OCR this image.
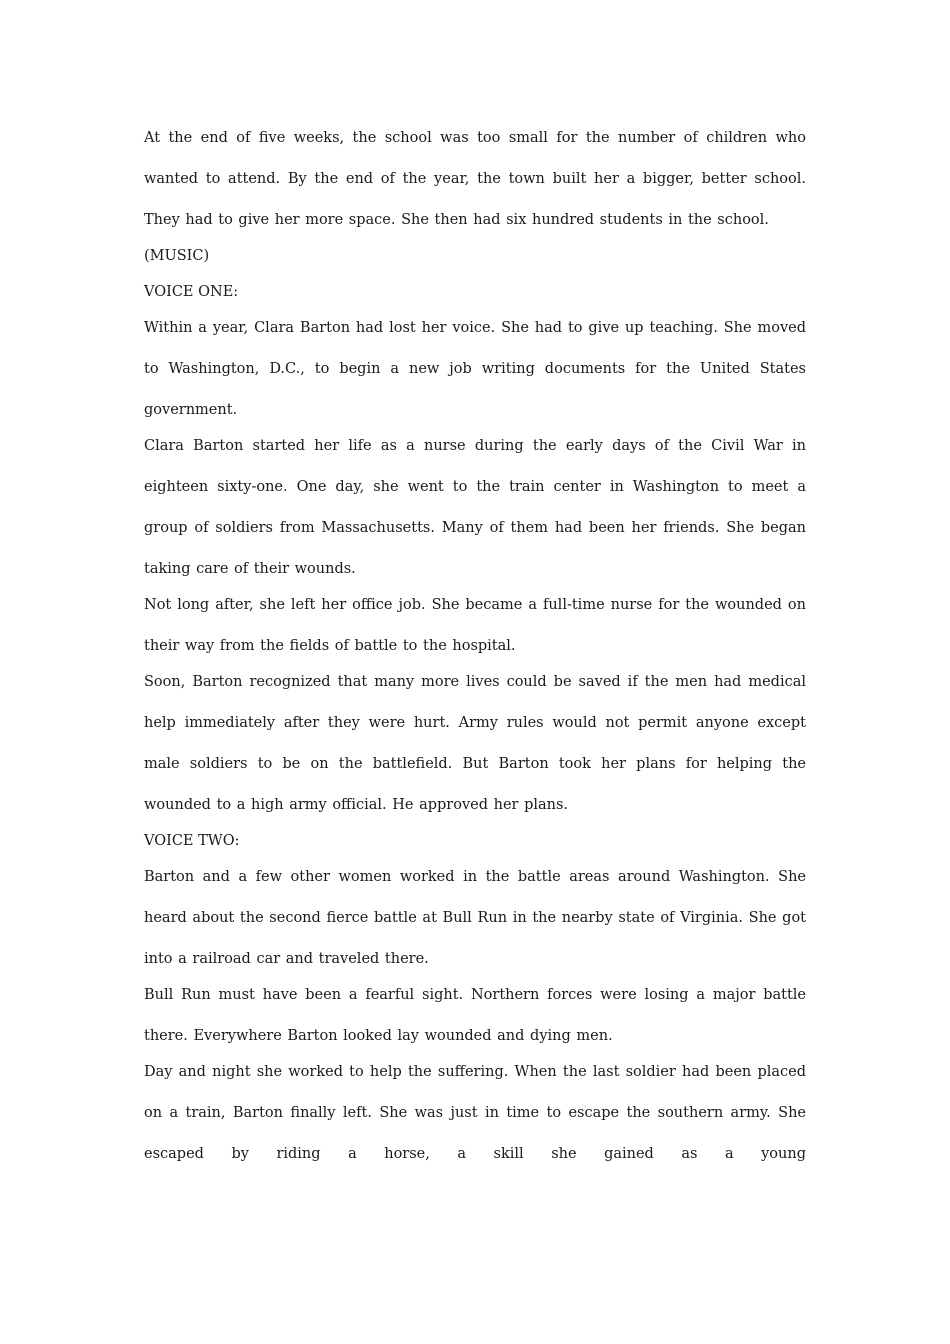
At the end of five weeks, the school was too small for the number of children who wanted to attend. By the end of the year, the town built her a bigger, better school. They had to give her more space. She then had six hundred students in the school.

(MUSIC)

VOICE ONE:

Within a year, Clara Barton had lost her voice. She had to give up teaching. She moved to Washington, D.C., to begin a new job writing documents for the United States government.

Clara Barton started her life as a nurse during the early days of the Civil War in eighteen sixty-one. One day, she went to the train center in Washington to meet a group of soldiers from Massachusetts. Many of them had been her friends. She began taking care of their wounds.

Not long after, she left her office job. She became a full-time nurse for the wounded on their way from the fields of battle to the hospital.

Soon, Barton recognized that many more lives could be saved if the men had medical help immediately after they were hurt. Army rules would not permit anyone except male soldiers to be on the battlefield. But Barton took her plans for helping the wounded to a high army official. He approved her plans.

VOICE TWO:

Barton and a few other women worked in the battle areas around Washington. She heard about the second fierce battle at Bull Run in the nearby state of Virginia. She got into a railroad car and traveled there.

Bull Run must have been a fearful sight. Northern forces were losing a major battle there. Everywhere Barton looked lay wounded and dying men.

Day and night she worked to help the suffering. When the last soldier had been placed on a train, Barton finally left. She was just in time to escape the southern army. She escaped by riding a horse, a skill she gained as a young
